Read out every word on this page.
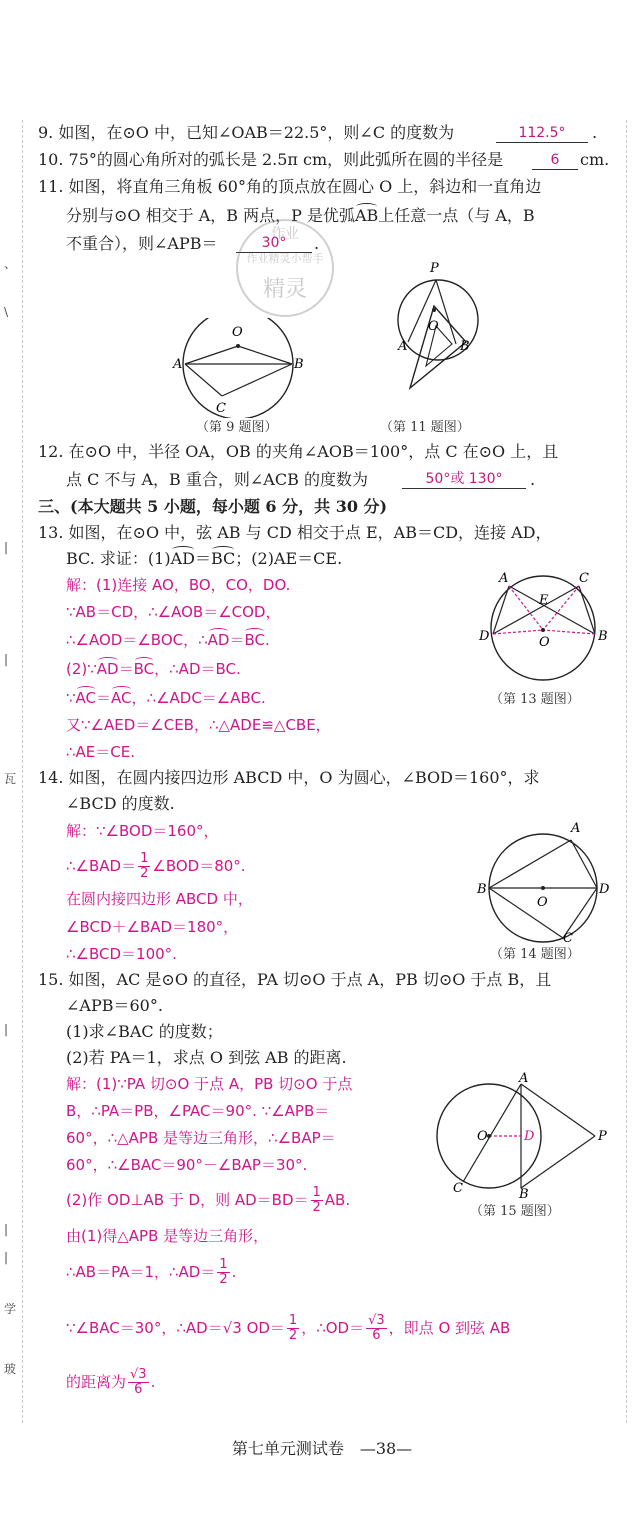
、
\
|
|
瓦
|
|
|
学
玻
9. 如图，在⊙O 中，已知∠OAB＝22.5°，则∠C 的度数为	112.5°	.
10. 75°的圆心角所对的弧长是 2.5π cm，则此弧所在圆的半径是	6	cm.
11. 如图，将直角三角板 60°角的顶点放在圆心 O 上，斜边和一直角边
分别与⊙O 相交于 A，B 两点，P 是优弧AB上任意一点（与 A，B
不重合），则∠APB＝	30°	.
作业
作业精灵小帮手
精灵
O
A	B
C
（第 9 题图）
P
O
A	B
（第 11 题图）
12. 在⊙O 中，半径 OA，OB 的夹角∠AOB＝100°，点 C 在⊙O 上，且
点 C 不与 A，B 重合，则∠ACB 的度数为	50°或 130°	.
三、(本大题共 5 小题，每小题 6 分，共 30 分)
13. 如图，在⊙O 中，弦 AB 与 CD 相交于点 E，AB＝CD，连接 AD，
BC. 求证：(1)AD＝BC；(2)AE＝CE.
解：(1)连接 AO，BO，CO，DO.
∵AB＝CD，∴∠AOB＝∠COD，
∴∠AOD＝∠BOC，∴AD＝BC.
(2)∵AD＝BC，∴AD＝BC.
∵AC＝AC，∴∠ADC＝∠ABC.
又∵∠AED＝∠CEB，∴△ADE≌△CBE，
∴AE＝CE.
A	C
E
D	B
O
（第 13 题图）
14. 如图，在圆内接四边形 ABCD 中，O 为圆心，∠BOD＝160°，求
∠BCD 的度数.
解：∵∠BOD＝160°，
∴∠BAD＝ $\frac{1}{2}$ ∠BOD＝80°.
在圆内接四边形 ABCD 中，
∠BCD＋∠BAD＝180°，
∴∠BCD＝100°.
A
B
O
D
C
（第 14 题图）
15. 如图，AC 是⊙O 的直径，PA 切⊙O 于点 A，PB 切⊙O 于点 B，且
∠APB＝60°.
(1)求∠BAC 的度数；
(2)若 PA＝1，求点 O 到弦 AB 的距离.
解：(1)∵PA 切⊙O 于点 A，PB 切⊙O 于点
B，∴PA＝PB，∠PAC＝90°. ∵∠APB＝
60°，∴△APB 是等边三角形，∴∠BAP＝
60°，∴∠BAC＝90°－∠BAP＝30°.
(2)作 OD⊥AB 于 D，则 $AD=BD= \frac{1}{2}$ AB.
由(1)得△APB 是等边三角形，
∴AB＝PA＝1，∴AD＝ $\frac{1}{2}$ .
∵∠BAC＝30°，∴AD＝√3 $OD= \frac{1}{2}$ ，∴OD＝ $\frac{√3}{6}$ ，即点 O 到弦 AB
的距离为 $\frac{√3}{6}$ .
A
O	D	P
C	B
（第 15 题图）
第七单元测试卷　—38—
